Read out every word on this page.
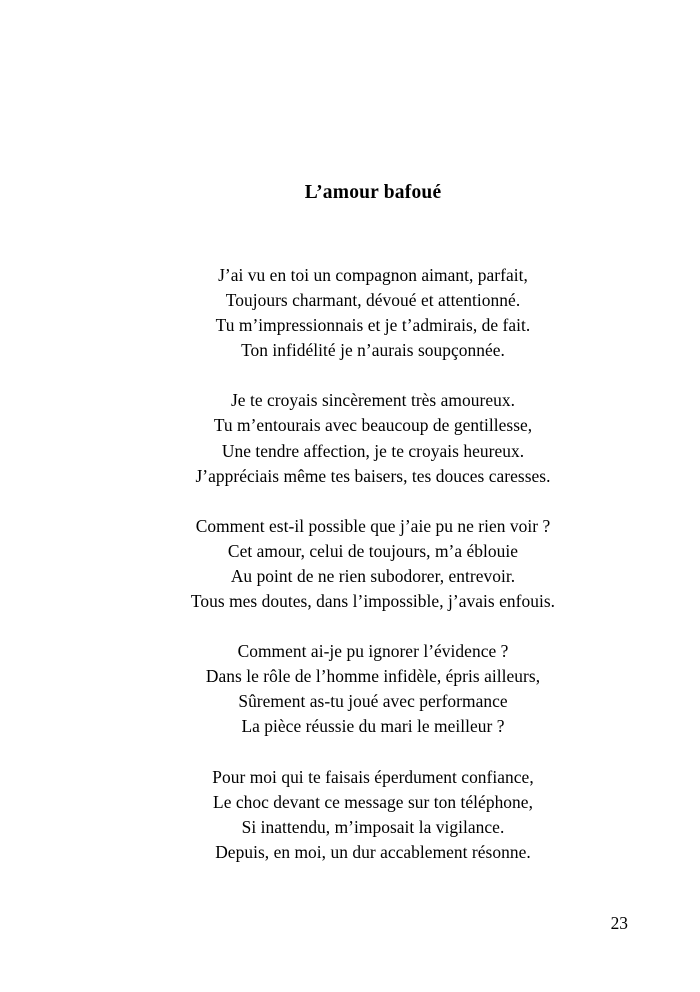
L’amour bafoué
J’ai vu en toi un compagnon aimant, parfait,
Toujours charmant, dévoué et attentionné.
Tu m’impressionnais et je t’admirais, de fait.
Ton infidélité je n’aurais soupçonnée.
Je te croyais sincèrement très amoureux.
Tu m’entourais avec beaucoup de gentillesse,
Une tendre affection, je te croyais heureux.
J’appréciais même tes baisers, tes douces caresses.
Comment est-il possible que j’aie pu ne rien voir ?
Cet amour, celui de toujours, m’a éblouie
Au point de ne rien subodorer, entrevoir.
Tous mes doutes, dans l’impossible, j’avais enfouis.
Comment ai-je pu ignorer l’évidence ?
Dans le rôle de l’homme infidèle, épris ailleurs,
Sûrement as-tu joué avec performance
La pièce réussie du mari le meilleur ?
Pour moi qui te faisais éperdument confiance,
Le choc devant ce message sur ton téléphone,
Si inattendu, m’imposait la vigilance.
Depuis, en moi, un dur accablement résonne.
23
